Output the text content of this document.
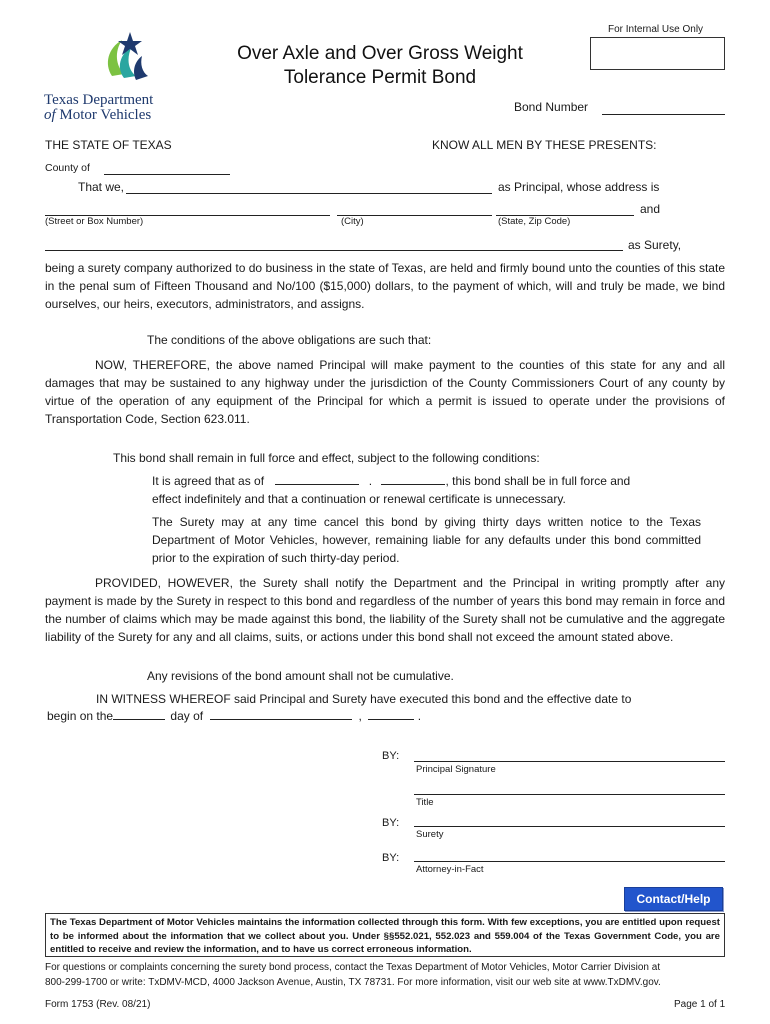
Texas Department
of Motor Vehicles
For Internal Use Only
Over Axle and Over Gross Weight
Tolerance Permit Bond
Bond Number
THE STATE OF TEXAS	KNOW ALL MEN BY THESE PRESENTS:
County of
That we,	as Principal, whose address is
and
(Street or Box Number)	(City)	(State, Zip Code)
as Surety,
being a surety company authorized to do business in the state of Texas, are held and firmly bound unto the counties of this state in the penal sum of Fifteen Thousand and No/100 ($15,000) dollars, to the payment of which, will and truly be made, we bind ourselves, our heirs, executors, administrators, and assigns.
The conditions of the above obligations are such that:
NOW, THEREFORE, the above named Principal will make payment to the counties of this state for any and all damages that may be sustained to any highway under the jurisdiction of the County Commissioners Court of any county by virtue of the operation of any equipment of the Principal for which a permit is issued to operate under the provisions of Transportation Code, Section 623.011.
This bond shall remain in full force and effect, subject to the following conditions:
It is agreed that as of	.	, this bond shall be in full force and
effect indefinitely and that a continuation or renewal certificate is unnecessary.
The Surety may at any time cancel this bond by giving thirty days written notice to the Texas Department of Motor Vehicles, however, remaining liable for any defaults under this bond committed prior to the expiration of such thirty-day period.
PROVIDED, HOWEVER, the Surety shall notify the Department and the Principal in writing promptly after any payment is made by the Surety in respect to this bond and regardless of the number of years this bond may remain in force and the number of claims which may be made against this bond, the liability of the Surety shall not be cumulative and the aggregate liability of the Surety for any and all claims, suits, or actions under this bond shall not exceed the amount stated above.
Any revisions of the bond amount shall not be cumulative.
IN WITNESS WHEREOF said Principal and Surety have executed this bond and the effective date to
begin on the	day of	,	.
BY:
Principal Signature
Title
BY:
Surety
BY:
Attorney-in-Fact
Contact/Help
The Texas Department of Motor Vehicles maintains the information collected through this form. With few exceptions, you are entitled upon request to be informed about the information that we collect about you. Under §§552.021, 552.023 and 559.004 of the Texas Government Code, you are entitled to receive and review the information, and to have us correct erroneous information.
For questions or complaints concerning the surety bond process, contact the Texas Department of Motor Vehicles, Motor Carrier Division at
800-299-1700 or write: TxDMV-MCD, 4000 Jackson Avenue, Austin, TX 78731. For more information, visit our web site at www.TxDMV.gov.
Form 1753 (Rev. 08/21)	Page 1 of 1
